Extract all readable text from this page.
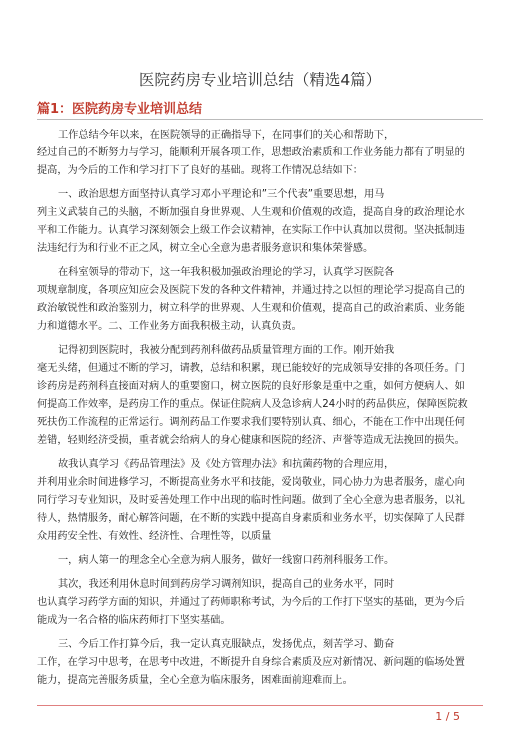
医院药房专业培训总结（精选4篇）
篇1：医院药房专业培训总结
工作总结今年以来，在医院领导的正确指导下，在同事们的关心和帮助下，
经过自己的不断努力与学习，能顺利开展各项工作，思想政治素质和工作业务能力都有了明显的
提高，为今后的工作和学习打下了良好的基础。现将工作情况总结如下：
一、政治思想方面坚持认真学习邓小平理论和”三个代表”重要思想，用马
列主义武装自己的头脑，不断加强自身世界观、人生观和价值观的改造，提高自身的政治理论水
平和工作能力。认真学习深刻领会上级工作会议精神，在实际工作中认真加以贯彻。坚决抵制违
法违纪行为和行业不正之风，树立全心全意为患者服务意识和集体荣誉感。
在科室领导的带动下，这一年我积极加强政治理论的学习，认真学习医院各
项规章制度，各项应知应会及医院下发的各种文件精神，并通过持之以恒的理论学习提高自己的
政治敏锐性和政治鉴别力，树立科学的世界观、人生观和价值观，提高自己的政治素质、业务能
力和道德水平。二、工作业务方面我积极主动，认真负责。
记得初到医院时，我被分配到药剂科做药品质量管理方面的工作。刚开始我
毫无头绪，但通过不断的学习，请教，总结和积累，现已能较好的完成领导安排的各项任务。门
诊药房是药剂科直接面对病人的重要窗口，树立医院的良好形象是重中之重，如何方便病人、如
何提高工作效率，是药房工作的重点。保证住院病人及急诊病人24小时的药品供应，保障医院救
死扶伤工作流程的正常运行。调剂药品工作要求我们要特别认真、细心，不能在工作中出现任何
差错，轻则经济受损，重者就会给病人的身心健康和医院的经济、声誉等造成无法挽回的损失。
故我认真学习《药品管理法》及《处方管理办法》和抗菌药物的合理应用，
并利用业余时间进修学习，不断提高业务水平和技能，爱岗敬业，同心协力为患者服务，虚心向
同行学习专业知识，及时妥善处理工作中出现的临时性问题。做到了全心全意为患者服务，以礼
待人，热情服务，耐心解答问题，在不断的实践中提高自身素质和业务水平，切实保障了人民群
众用药安全性、有效性、经济性、合理性等，以质量
一，病人第一的理念全心全意为病人服务，做好一线窗口药剂科服务工作。
其次，我还利用休息时间到药房学习调剂知识，提高自己的业务水平，同时
也认真学习药学方面的知识，并通过了药师职称考试，为今后的工作打下坚实的基础，更为今后
能成为一名合格的临床药师打下坚实基础。
三、今后工作打算今后，我一定认真克服缺点，发扬优点，刻苦学习、勤奋
工作，在学习中思考，在思考中改进，不断提升自身综合素质及应对新情况、新问题的临场处置
能力，提高完善服务质量，全心全意为临床服务，困难面前迎难而上。
1 / 5
